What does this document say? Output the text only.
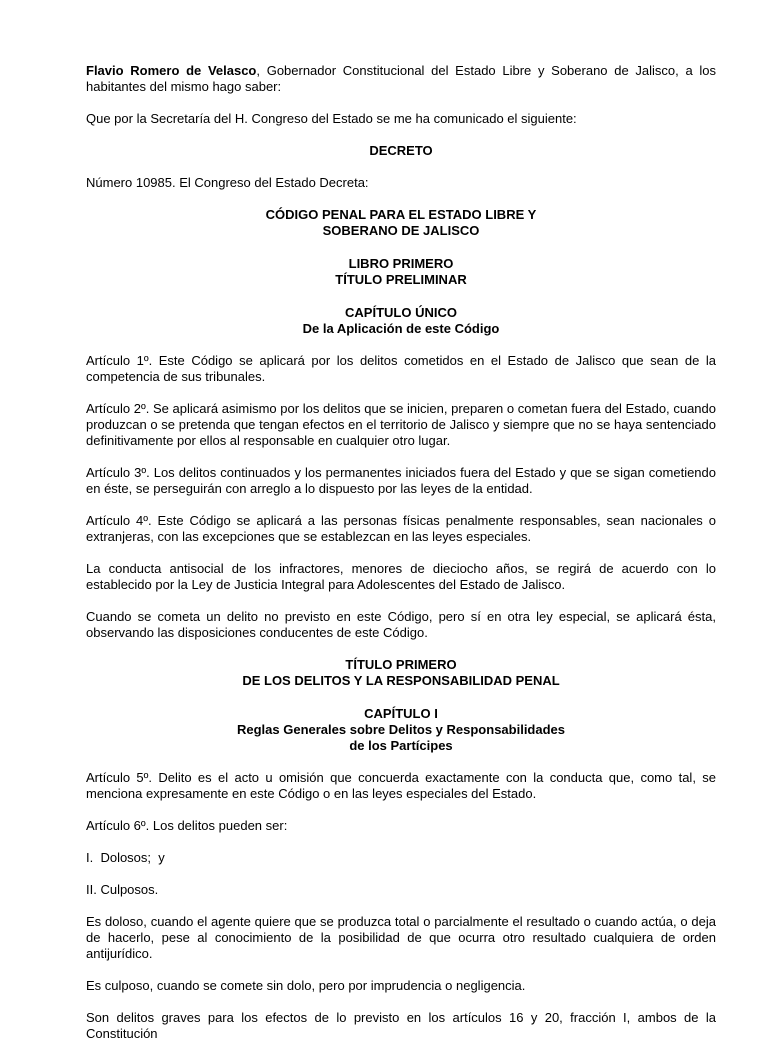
Flavio Romero de Velasco, Gobernador Constitucional del Estado Libre y Soberano de Jalisco, a los habitantes del mismo hago saber:

Que por la Secretaría del H. Congreso del Estado se me ha comunicado el siguiente:

DECRETO

Número 10985. El Congreso del Estado Decreta:

CÓDIGO PENAL PARA EL ESTADO LIBRE Y
SOBERANO DE JALISCO

LIBRO PRIMERO
TÍTULO PRELIMINAR

CAPÍTULO ÚNICO
De la Aplicación de este Código

Artículo 1º. Este Código se aplicará por los delitos cometidos en el Estado de Jalisco que sean de la competencia de sus tribunales.

Artículo 2º. Se aplicará asimismo por los delitos que se inicien, preparen o cometan fuera del Estado, cuando produzcan o se pretenda que tengan efectos en el territorio de Jalisco y siempre que no se haya sentenciado definitivamente por ellos al responsable en cualquier otro lugar.

Artículo 3º. Los delitos continuados y los permanentes iniciados fuera del Estado y que se sigan cometiendo en éste, se perseguirán con arreglo a lo dispuesto por las leyes de la entidad.

Artículo 4º. Este Código se aplicará a las personas físicas penalmente responsables, sean nacionales o extranjeras, con las excepciones que se establezcan en las leyes especiales.

La conducta antisocial de los infractores, menores de dieciocho años, se regirá de acuerdo con lo establecido por la Ley de Justicia Integral para Adolescentes del Estado de Jalisco.

Cuando se cometa un delito no previsto en este Código, pero sí en otra ley especial, se aplicará ésta, observando las disposiciones conducentes de este Código.

TÍTULO PRIMERO
DE LOS DELITOS Y LA RESPONSABILIDAD PENAL

CAPÍTULO I
Reglas Generales sobre Delitos y Responsabilidades
de los Partícipes

Artículo 5º. Delito es el acto u omisión que concuerda exactamente con la conducta que, como tal, se menciona expresamente en este Código o en las leyes especiales del Estado.

Artículo 6º. Los delitos pueden ser:

I.  Dolosos;  y

II. Culposos.

Es doloso, cuando el agente quiere que se produzca total o parcialmente el resultado o cuando actúa, o deja de hacerlo, pese al conocimiento de la posibilidad de que ocurra otro resultado cualquiera de orden antijurídico.

Es culposo, cuando se comete sin dolo, pero por imprudencia o negligencia.

Son delitos graves para los efectos de lo previsto en los artículos 16 y 20, fracción I, ambos de la Constitución
